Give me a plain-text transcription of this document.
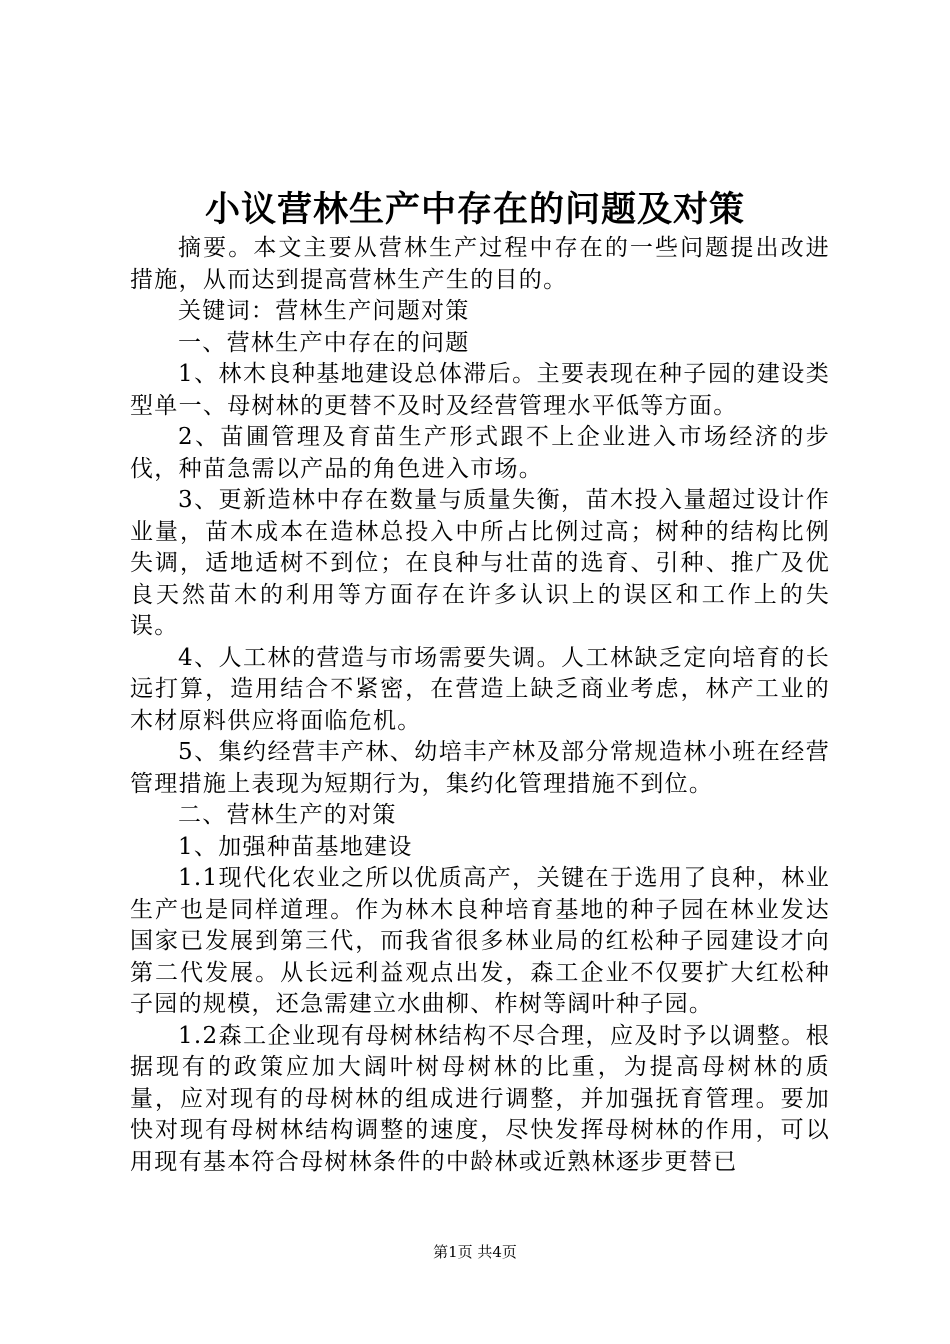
小议营林生产中存在的问题及对策

摘要。本文主要从营林生产过程中存在的一些问题提出改进措施，从而达到提高营林生产生的目的。

关键词：营林生产问题对策

一、营林生产中存在的问题

1、林木良种基地建设总体滞后。主要表现在种子园的建设类型单一、母树林的更替不及时及经营管理水平低等方面。

2、苗圃管理及育苗生产形式跟不上企业进入市场经济的步伐，种苗急需以产品的角色进入市场。

3、更新造林中存在数量与质量失衡，苗木投入量超过设计作业量，苗木成本在造林总投入中所占比例过高；树种的结构比例失调，适地适树不到位；在良种与壮苗的选育、引种、推广及优良天然苗木的利用等方面存在许多认识上的误区和工作上的失误。

4、人工林的营造与市场需要失调。人工林缺乏定向培育的长远打算，造用结合不紧密，在营造上缺乏商业考虑，林产工业的木材原料供应将面临危机。

5、集约经营丰产林、幼培丰产林及部分常规造林小班在经营管理措施上表现为短期行为，集约化管理措施不到位。

二、营林生产的对策

1、加强种苗基地建设

1.1现代化农业之所以优质高产，关键在于选用了良种，林业生产也是同样道理。作为林木良种培育基地的种子园在林业发达国家已发展到第三代，而我省很多林业局的红松种子园建设才向第二代发展。从长远利益观点出发，森工企业不仅要扩大红松种子园的规模，还急需建立水曲柳、柞树等阔叶种子园。

1.2森工企业现有母树林结构不尽合理，应及时予以调整。根据现有的政策应加大阔叶树母树林的比重，为提高母树林的质量，应对现有的母树林的组成进行调整，并加强抚育管理。要加快对现有母树林结构调整的速度，尽快发挥母树林的作用，可以用现有基本符合母树林条件的中龄林或近熟林逐步更替已

第1页 共4页
